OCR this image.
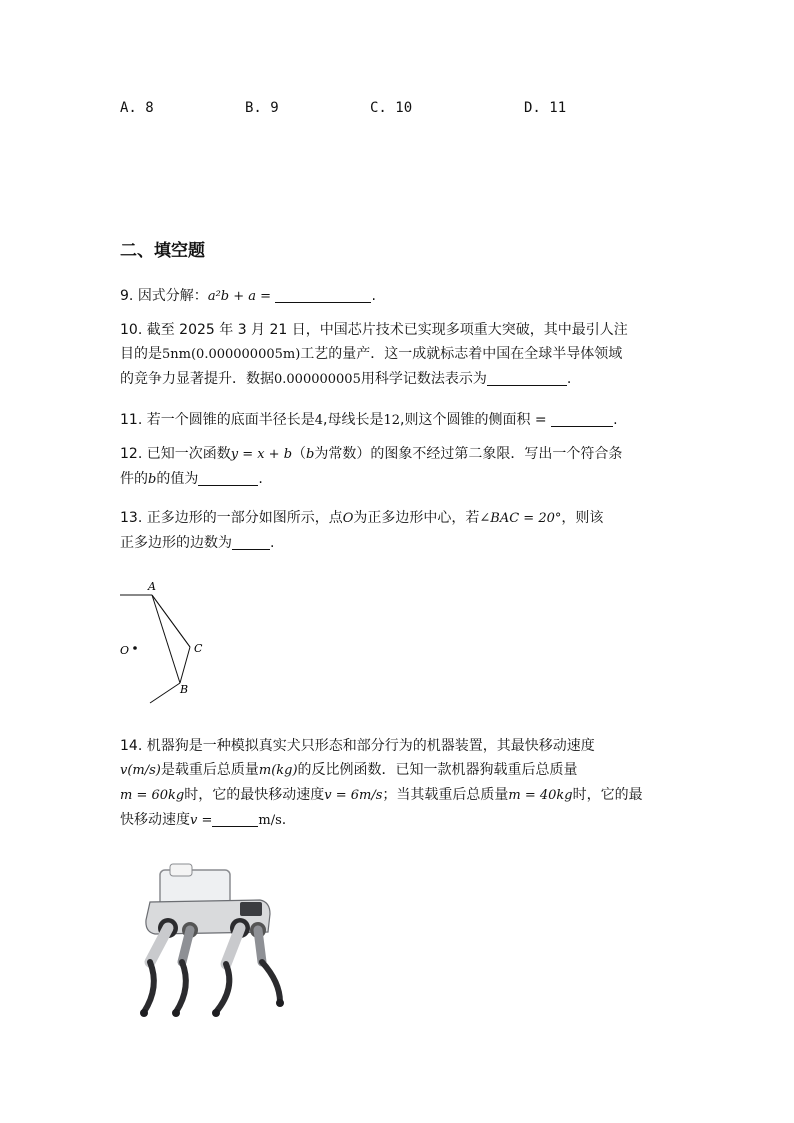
A. 8	B. 9	C. 10	D. 11
二、填空题
9. 因式分解：a²b + a =	.
10. 截至 2025 年 3 月 21 日，中国芯片技术已实现多项重大突破，其中最引人注
目的是5nm(0.000000005m)工艺的量产．这一成就标志着中国在全球半导体领域
的竞争力显著提升．数据0.000000005用科学记数法表示为	.
11. 若一个圆锥的底面半径长是4,母线长是12,则这个圆锥的侧面积 =	.
12. 已知一次函数y = x + b（b为常数）的图象不经过第二象限．写出一个符合条
件的b的值为	.
13. 正多边形的一部分如图所示，点O为正多边形中心，若∠BAC = 20°，则该
正多边形的边数为	.
A
C
B
O
14. 机器狗是一种模拟真实犬只形态和部分行为的机器装置，其最快移动速度
v(m/s)是载重后总质量m(kg)的反比例函数．已知一款机器狗载重后总质量
m = 60kg时，它的最快移动速度v = 6m/s；当其载重后总质量m = 40kg时，它的最
快移动速度v =	m/s.
